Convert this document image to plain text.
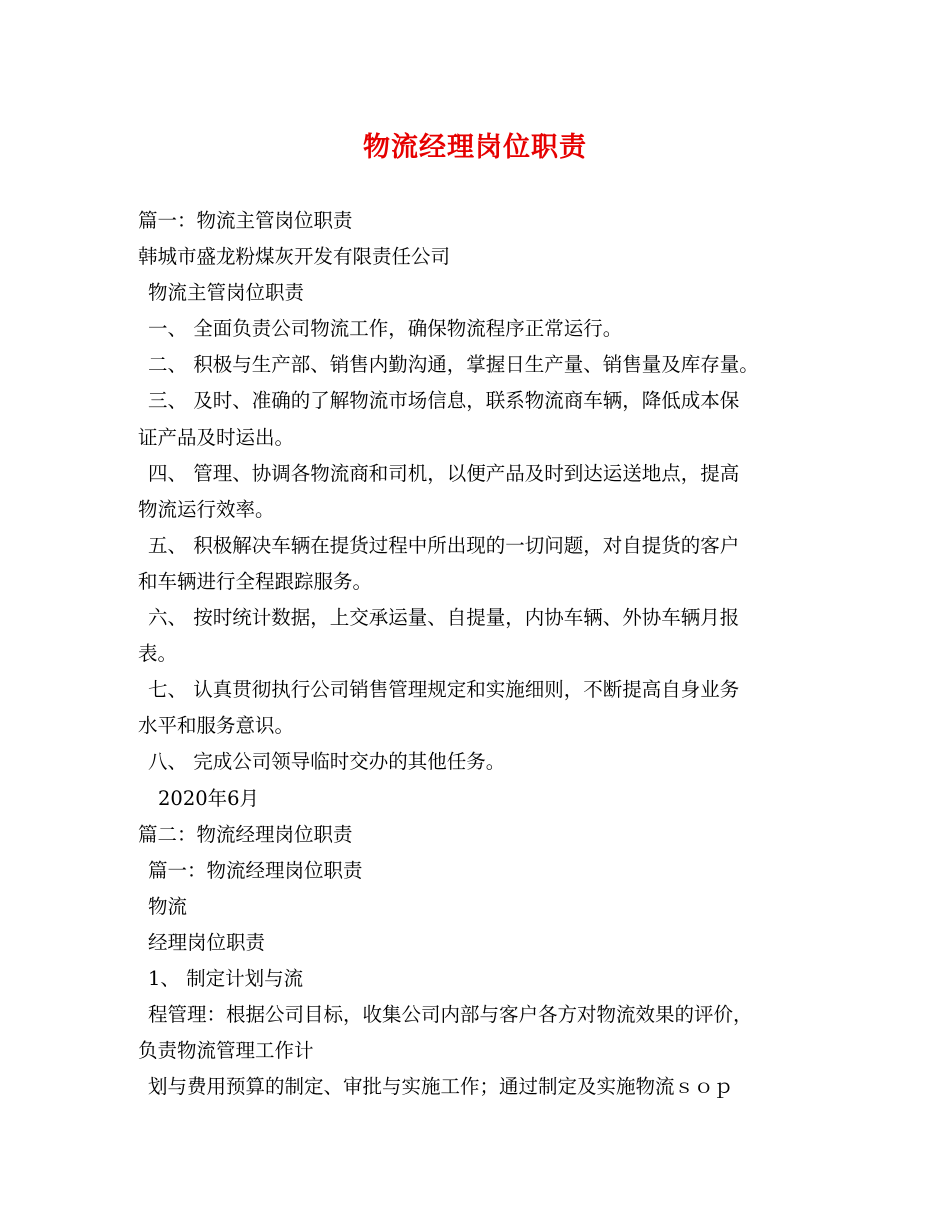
物流经理岗位职责
篇一：物流主管岗位职责
韩城市盛龙粉煤灰开发有限责任公司
物流主管岗位职责
一、 全面负责公司物流工作，确保物流程序正常运行。
二、 积极与生产部、销售内勤沟通，掌握日生产量、销售量及库存量。
三、 及时、准确的了解物流市场信息，联系物流商车辆，降低成本保
证产品及时运出。
四、 管理、协调各物流商和司机，以便产品及时到达运送地点，提高
物流运行效率。
五、 积极解决车辆在提货过程中所出现的一切问题，对自提货的客户
和车辆进行全程跟踪服务。
六、 按时统计数据，上交承运量、自提量，内协车辆、外协车辆月报
表。
七、 认真贯彻执行公司销售管理规定和实施细则，不断提高自身业务
水平和服务意识。
八、 完成公司领导临时交办的其他任务。
2020年6月
篇二：物流经理岗位职责
篇一：物流经理岗位职责
物流
经理岗位职责
1、 制定计划与流
程管理：根据公司目标，收集公司内部与客户各方对物流效果的评价，
负责物流管理工作计
划与费用预算的制定、审批与实施工作；通过制定及实施物流ｓｏｐ
